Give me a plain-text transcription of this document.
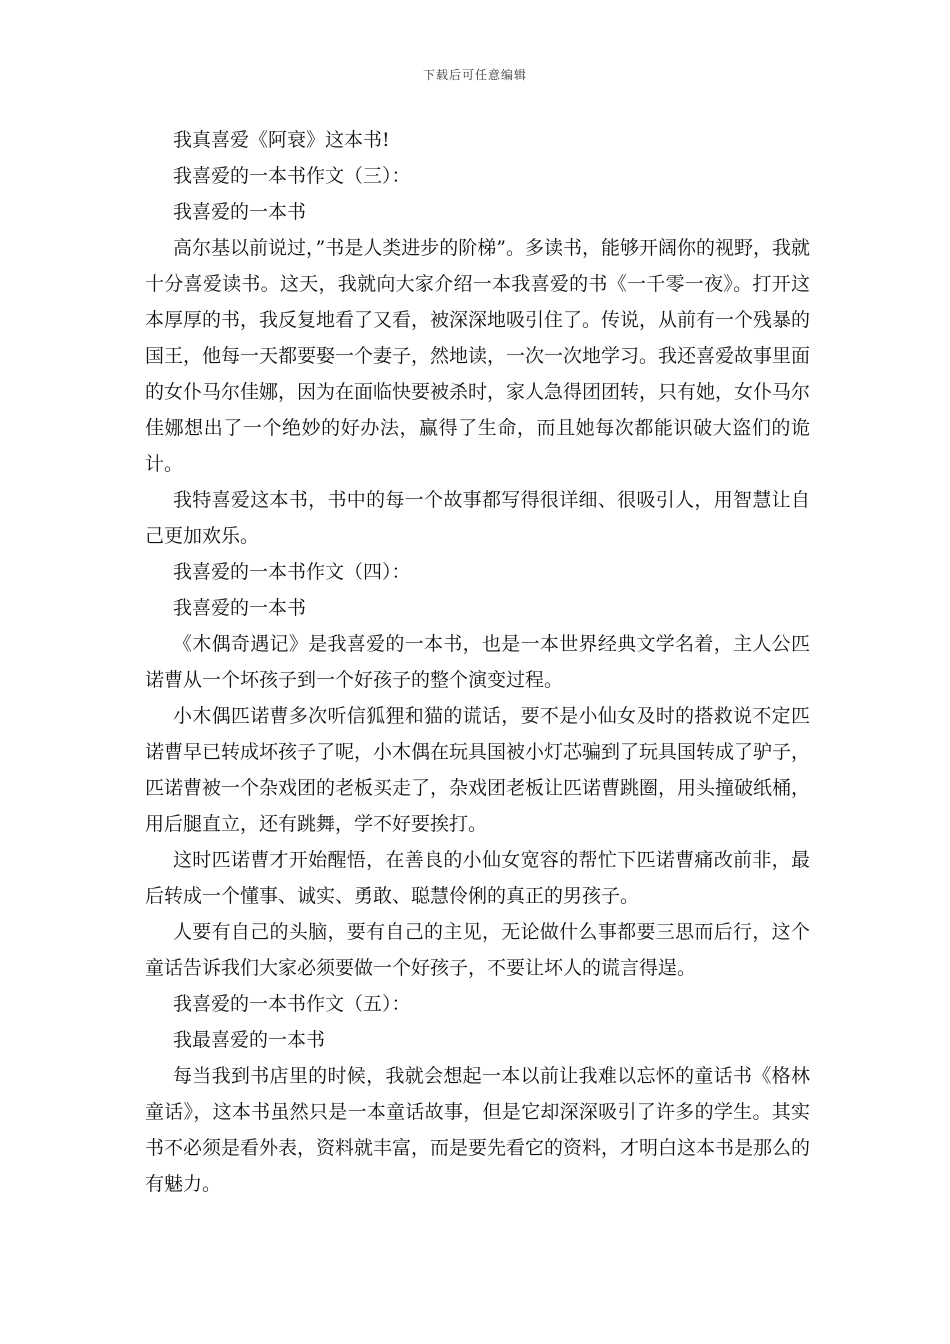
下载后可任意编辑

我真喜爱《阿衰》这本书!

我喜爱的一本书作文（三）：

我喜爱的一本书

高尔基以前说过，”书是人类进步的阶梯”。多读书，能够开阔你的视野，我就十分喜爱读书。这天，我就向大家介绍一本我喜爱的书《一千零一夜》。打开这本厚厚的书，我反复地看了又看，被深深地吸引住了。传说，从前有一个残暴的国王，他每一天都要娶一个妻子，然地读，一次一次地学习。我还喜爱故事里面的女仆马尔佳娜，因为在面临快要被杀时，家人急得团团转，只有她，女仆马尔佳娜想出了一个绝妙的好办法，赢得了生命，而且她每次都能识破大盗们的诡计。

我特喜爱这本书，书中的每一个故事都写得很详细、很吸引人，用智慧让自己更加欢乐。

我喜爱的一本书作文（四）：

我喜爱的一本书

《木偶奇遇记》是我喜爱的一本书，也是一本世界经典文学名着，主人公匹诺曹从一个坏孩子到一个好孩子的整个演变过程。

小木偶匹诺曹多次听信狐狸和猫的谎话，要不是小仙女及时的搭救说不定匹诺曹早已转成坏孩子了呢，小木偶在玩具国被小灯芯骗到了玩具国转成了驴子，匹诺曹被一个杂戏团的老板买走了，杂戏团老板让匹诺曹跳圈，用头撞破纸桶，用后腿直立，还有跳舞，学不好要挨打。

这时匹诺曹才开始醒悟，在善良的小仙女宽容的帮忙下匹诺曹痛改前非，最后转成一个懂事、诚实、勇敢、聪慧伶俐的真正的男孩子。

人要有自己的头脑，要有自己的主见，无论做什么事都要三思而后行，这个童话告诉我们大家必须要做一个好孩子，不要让坏人的谎言得逞。

我喜爱的一本书作文（五）：

我最喜爱的一本书

每当我到书店里的时候，我就会想起一本以前让我难以忘怀的童话书《格林童话》，这本书虽然只是一本童话故事，但是它却深深吸引了许多的学生。其实书不必须是看外表，资料就丰富，而是要先看它的资料，才明白这本书是那么的有魅力。
